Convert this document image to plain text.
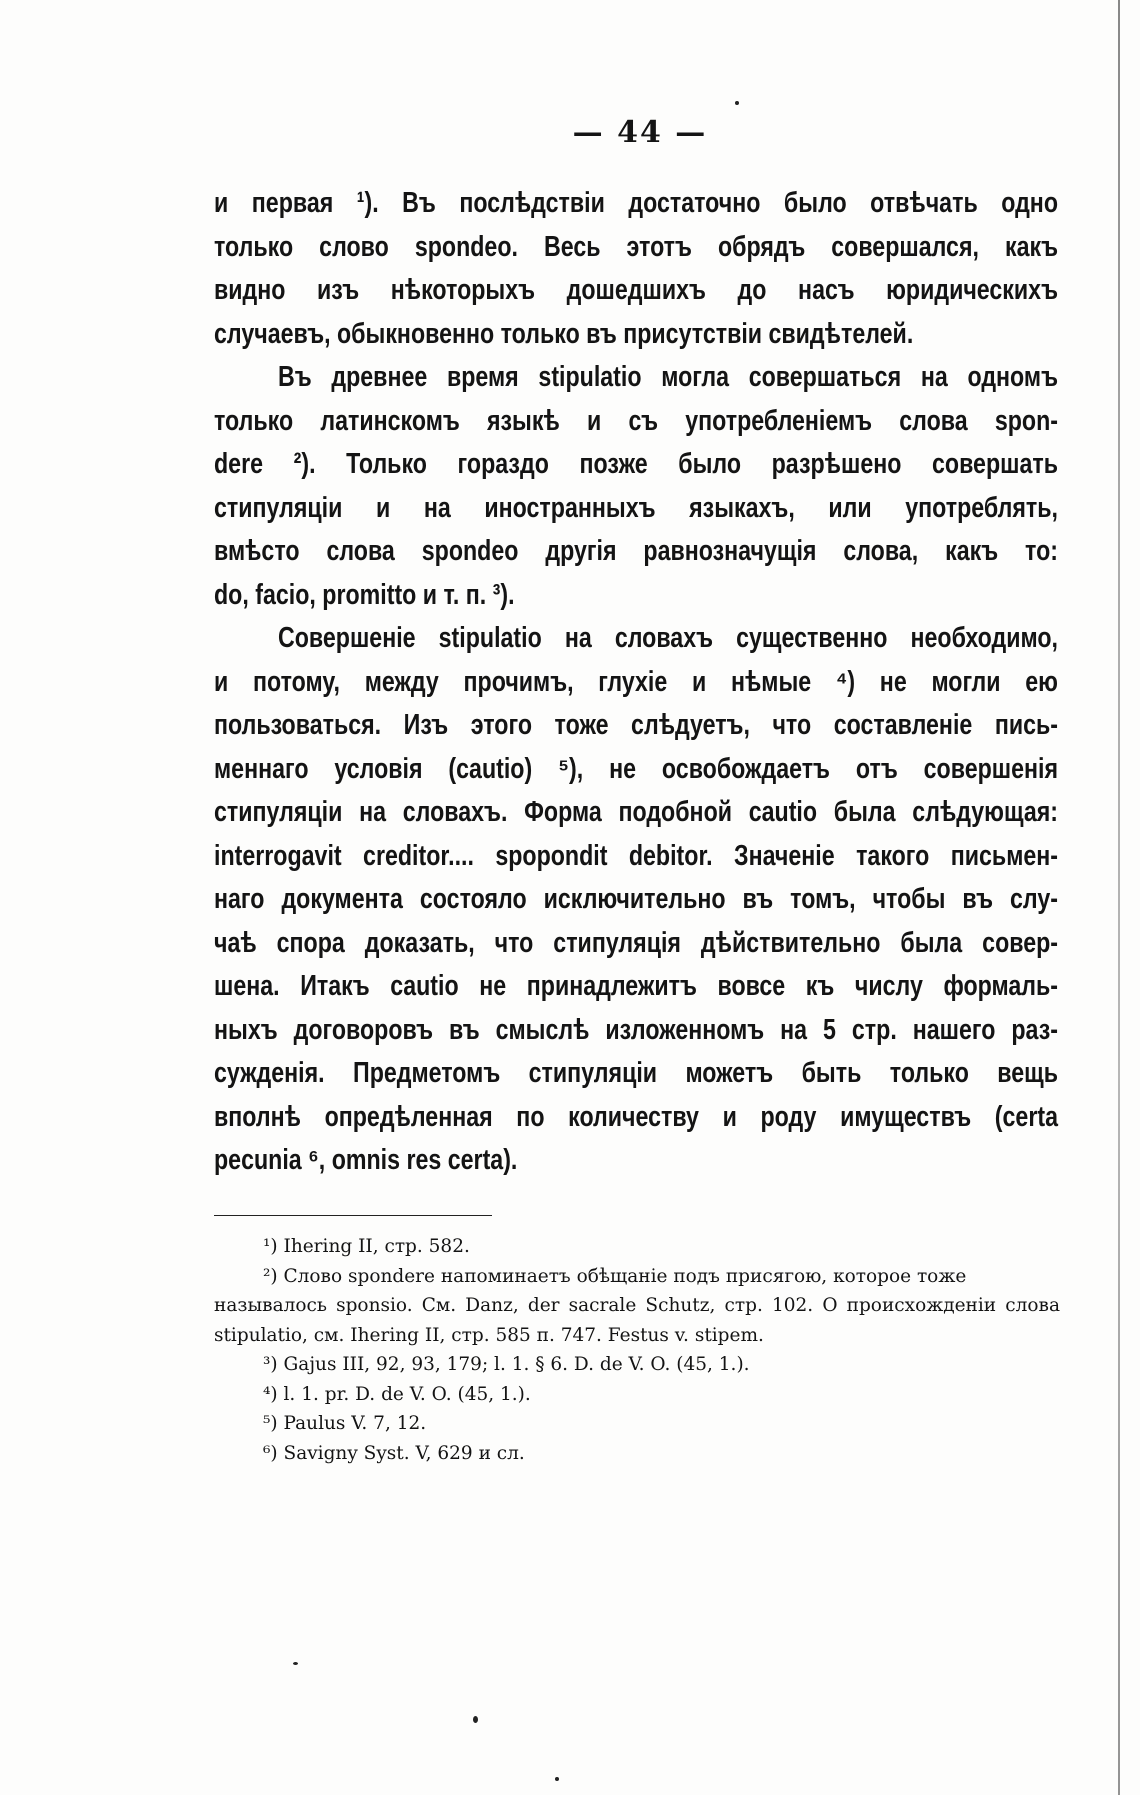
— 44 —
и первая ¹). Въ послѣдствіи достаточно было отвѣчать одно
только слово spondeo. Весь этотъ обрядъ совершался, какъ
видно изъ нѣкоторыхъ дошедшихъ до насъ юридическихъ
случаевъ, обыкновенно только въ присутствіи свидѣтелей.
Въ древнее время stipulatio могла совершаться на одномъ
только латинскомъ языкѣ и съ употребленіемъ слова spon-
dere ²). Только гораздо позже было разрѣшено совершать
стипуляціи и на иностранныхъ языкахъ, или употреблять,
вмѣсто слова spondeo другія равнозначущія слова, какъ то:
do, facio, promitto и т. п. ³).
Совершеніе stipulatio на словахъ существенно необходимо,
и потому, между прочимъ, глухіе и нѣмые ⁴) не могли ею
пользоваться. Изъ этого тоже слѣдуетъ, что составленіе пись-
меннаго условія (cautio) ⁵), не освобождаетъ отъ совершенія
стипуляціи на словахъ. Форма подобной cautio была слѣдующая:
interrogavit creditor.... spopondit debitor. Значеніе такого письмен-
наго документа состояло исключительно въ томъ, чтобы въ слу-
чаѣ спора доказать, что стипуляція дѣйствительно была совер-
шена. Итакъ cautio не принадлежитъ вовсе къ числу формаль-
ныхъ договоровъ въ смыслѣ изложенномъ на 5 стр. нашего раз-
сужденія. Предметомъ стипуляціи можетъ быть только вещь
вполнѣ опредѣленная по количеству и роду имуществъ (certa
pecunia ⁶, omnis res certa).
¹) Ihering II, стр. 582.
²) Слово spondere напоминаетъ обѣщаніе подъ присягою, которое тоже
называлось sponsio. См. Danz, der sacrale Schutz, стр. 102. О происхожденіи слова
stipulatio, см. Ihering II, стр. 585 п. 747. Festus v. stipem.
³) Gajus III, 92, 93, 179; l. 1. § 6. D. de V. O. (45, 1.).
⁴) l. 1. pr. D. de V. O. (45, 1.).
⁵) Paulus V. 7, 12.
⁶) Savigny Syst. V, 629 и сл.
